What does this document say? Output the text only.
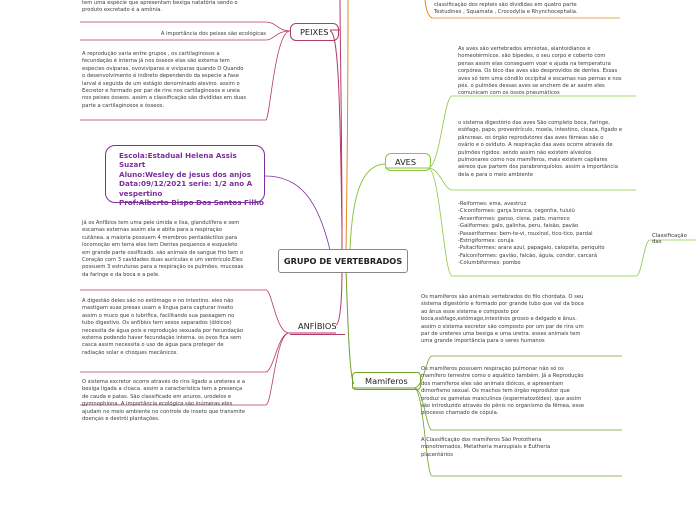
GRUPO DE VERTEBRADOS
tem uma espécie que apresentam bexiga natatória sendo o
produto excretado é a amônia.
A importância dos peixes são ecológicas
A reprodução varia entre grupos , os cartilaginosos a
fecundação é interna já nos ósseos elas são externa tem
especies ovíparas, ovoviviparas e viviparas quando O Quando
o desenvolvimento é indireto dependendo da especie a fase
larval é seguida de um estágio denominado alevino. assim o
Excretor e formado por par de rins nos cartilaginosos e ureia
nos peixes ósseos. assim a classificação são divididas em duas
parte a cartilaginosos e ósseos.
PEIXES
Escola:Estadual Helena Assis Suzart
Aluno:Wesley de jesus dos anjos
Data:09/12/2021 serie: 1/2 ano A vespertino
Prof:Alberto Bispo Dos Santos Filho
Já os Anfíbios tem uma pele úmida e lisa, glandulífera e sem
escamas externas assim ela e abita para a respiração
cutânea. a maioria possuem 4 membros pentadáctilos para
locomoção em terra eles tem Dentes pequenos e esqueleto
em grande parte ossificado. são animais de sangue frio tem o
Coração com 3 cavidades duas aurículas e um ventrículo.Eles
possuem 3 estruturas para a respiração os pulmões, mucosas
da faringe e da boca e a pele.
A digestão deles são no estômago e no intestino. eles não
mastigam suas presas usam a língua para capturar inseto
assim o muco que o lubrifica, facilitando sua passagem no
tubo digestivo. Os anfíbios tem sexos separados (dióicos)
necessita de água pois e reprodução sexuada por fecundação
externa podendo haver fecundação interna. os ovos fica sem
casca assim necessita o uso de água para proteger de
radiação solar e choques mecânicos.
O sistema excretor ocorre através do rins ligado a ureteres e a
bexiga ligada a cloaca. assim a característica tem a presença
de cauda e patas. São classificado em anuros, urodelos e
gymnophiona. A importância ecológica são inúmeras eles
ajudam no meio ambiente no controle de inseto que transmite
doenças e destrói plantações.
ANFÍBIOS
classificação dos repteis são divididas em quatro parte
Testudines , Squamata , Crocodylia e Rhynchocephalia.
AVES
As aves são vertebrados amniotas, alantoidianos e
homeotérmicos. são bípedes, o seu corpo e coberto com
penas assim elas conseguem voar e ajuda na temperatura
corpórea. Os bico das aves são desprovidos de dentes. Essas
aves só tem uma côndilo occipital e escamas nas pernas e nos
pés. o pulmões dessas aves se enchem de ar assim eles
comunicam com os ossos pneumáticos
o sistema digestório das aves São completo boca, faringe,
esôfago, papo, proventrículo, moela, intestino, cloaca, fígado e
pâncreas. os órgão reprodutores das aves fêmeas são o
ovário e o oviduto. A respiração das aves ocorre através de
pulmões rígidos. sendo assim não existem alvéolos
pulmonares como nos mamíferos, mais existem capilares
aéreos que partem dos parabronquíolos. assim a importância
dela e para o meio ambiente
-Reiformes: ema, avestruz
-Ciconiformes: garça branca, cegonha, tuiuiú
-Anseriformes: ganso, cisne, pato, marreco
-Galiformes: galo, galinha, peru, faisão, pavão
-Passeriformes: bem-te-vi, rouxinol, tico-tico, pardal
-Estrigiformes: coruja
-Psitaciformes: arara azul, papagaio, calopsita, periquito
-Falconiformes: gavião, falcão, águia, condor, carcará
-Columbiformes: pombo
Classificação das
Mamiferos
Os mamíferos são animais vertebrados do filo chordata. O seu
sistema digestório e formado por grande tubo que vai da boca
ao ânus esse sistema e composto por
boca,esôfago,estômago,intestinos grosso e delgado e ânus.
assim o sistema excretor são composto por um par de rins um
par de ureteres uma bexiga e uma uretra. esses animais tem
uma grande importância para o seres humanos
Os mamíferos possuem respiração pulmonar não só os
mamífero terrestre como o aquático também. Já a Reprodução
dos mamíferos eles são animais dióicos, e apresentam
dimorfismo sexual. Os machos tem órgão reprodutor que
produz os gametas masculinos (espermatozóides). que assim
são introduzido através do pênis no organismo da fêmea, esse
processo chamado de cópula.
A Classificação dos mamíferos São Prototheria
monotremados, Metatheria marsupiais e Eutheria
placentários
